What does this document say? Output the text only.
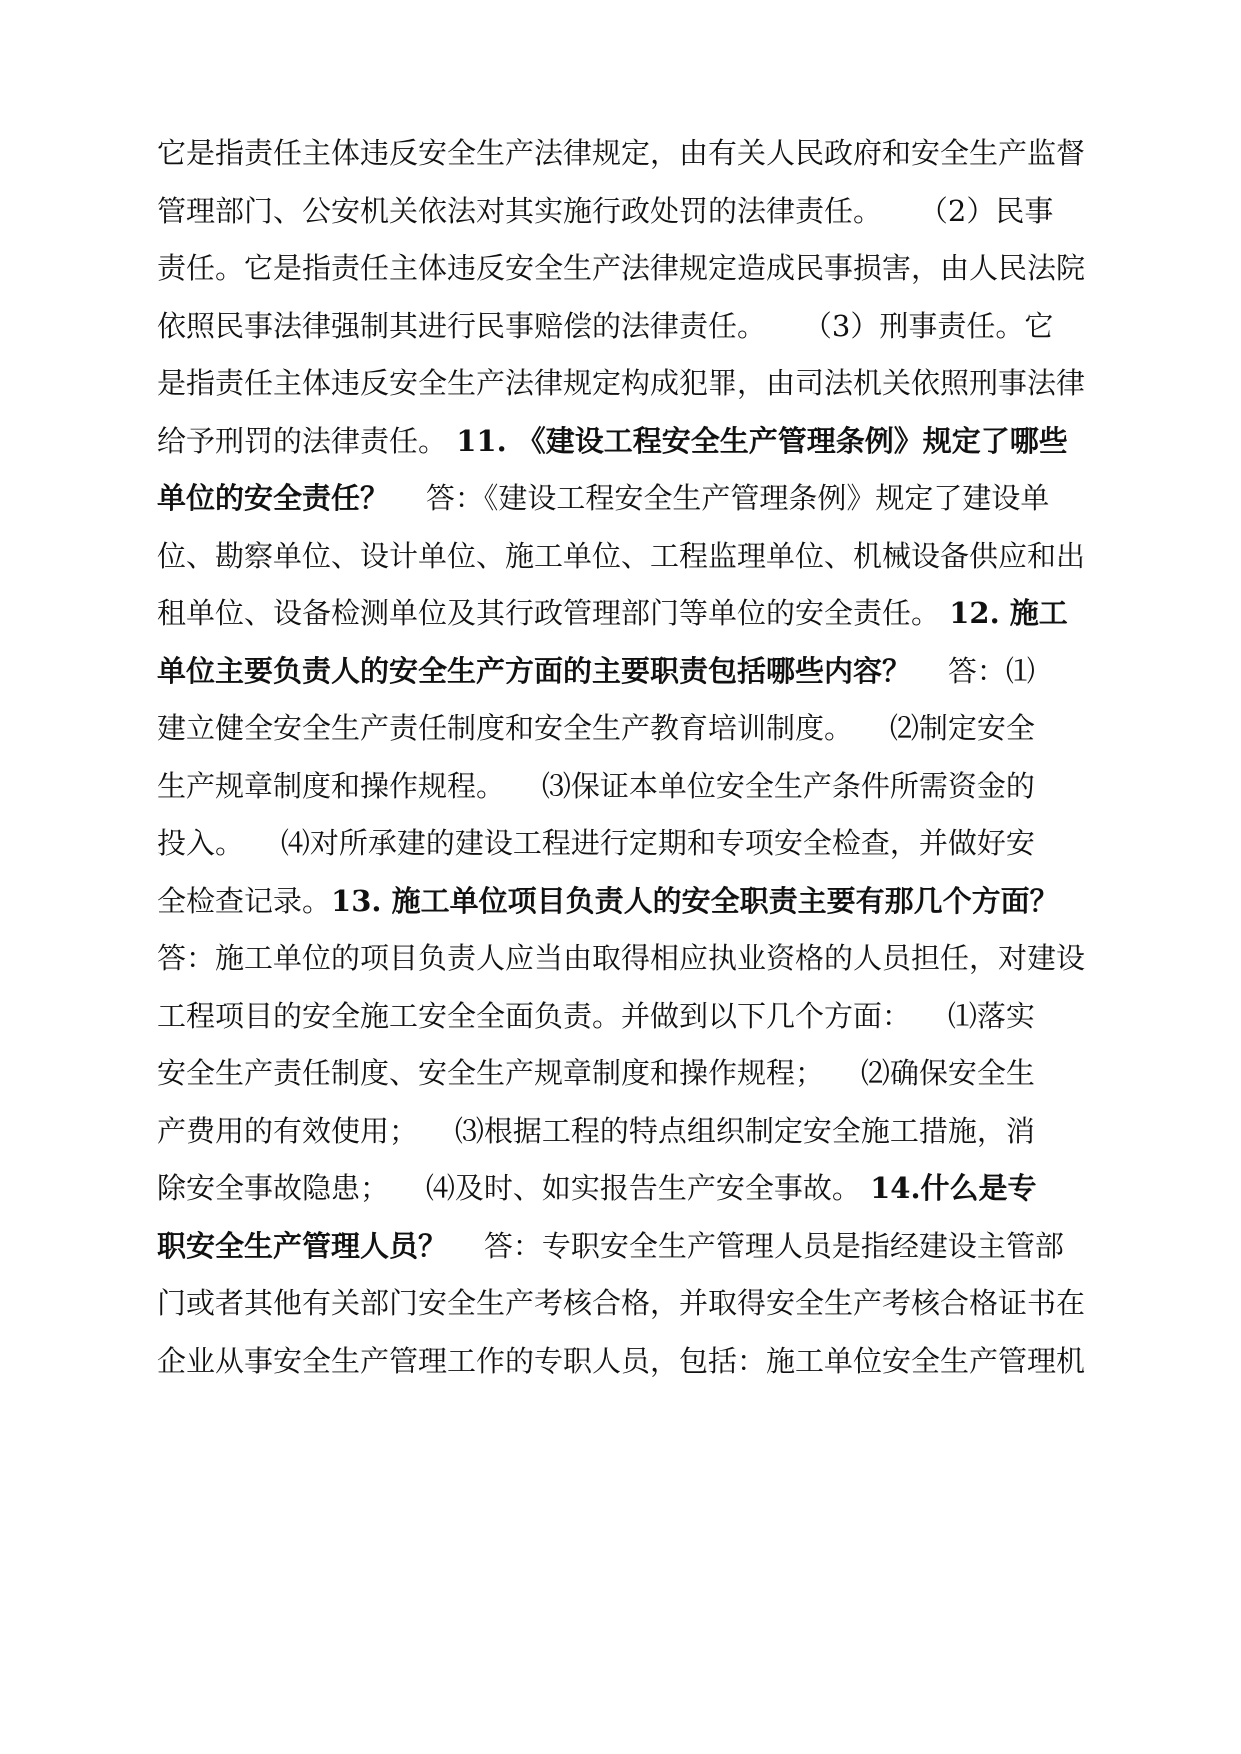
它是指责任主体违反安全生产法律规定，由有关人民政府和安全生产监督
管理部门、公安机关依法对其实施行政处罚的法律责任。    （2）民事
责任。它是指责任主体违反安全生产法律规定造成民事损害，由人民法院
依照民事法律强制其进行民事赔偿的法律责任。    （3）刑事责任。它
是指责任主体违反安全生产法律规定构成犯罪，由司法机关依照刑事法律
给予刑罚的法律责任。 11. 《建设工程安全生产管理条例》规定了哪些
单位的安全责任？    答：《建设工程安全生产管理条例》规定了建设单
位、勘察单位、设计单位、施工单位、工程监理单位、机械设备供应和出
租单位、设备检测单位及其行政管理部门等单位的安全责任。 12. 施工
单位主要负责人的安全生产方面的主要职责包括哪些内容？    答：⑴
建立健全安全生产责任制度和安全生产教育培训制度。    ⑵制定安全
生产规章制度和操作规程。    ⑶保证本单位安全生产条件所需资金的
投入。    ⑷对所承建的建设工程进行定期和专项安全检查，并做好安
全检查记录。13. 施工单位项目负责人的安全职责主要有那几个方面？
答：施工单位的项目负责人应当由取得相应执业资格的人员担任，对建设
工程项目的安全施工安全全面负责。并做到以下几个方面：    ⑴落实
安全生产责任制度、安全生产规章制度和操作规程；    ⑵确保安全生
产费用的有效使用；    ⑶根据工程的特点组织制定安全施工措施，消
除安全事故隐患；    ⑷及时、如实报告生产安全事故。 14.什么是专
职安全生产管理人员？    答：专职安全生产管理人员是指经建设主管部
门或者其他有关部门安全生产考核合格，并取得安全生产考核合格证书在
企业从事安全生产管理工作的专职人员，包括：施工单位安全生产管理机
